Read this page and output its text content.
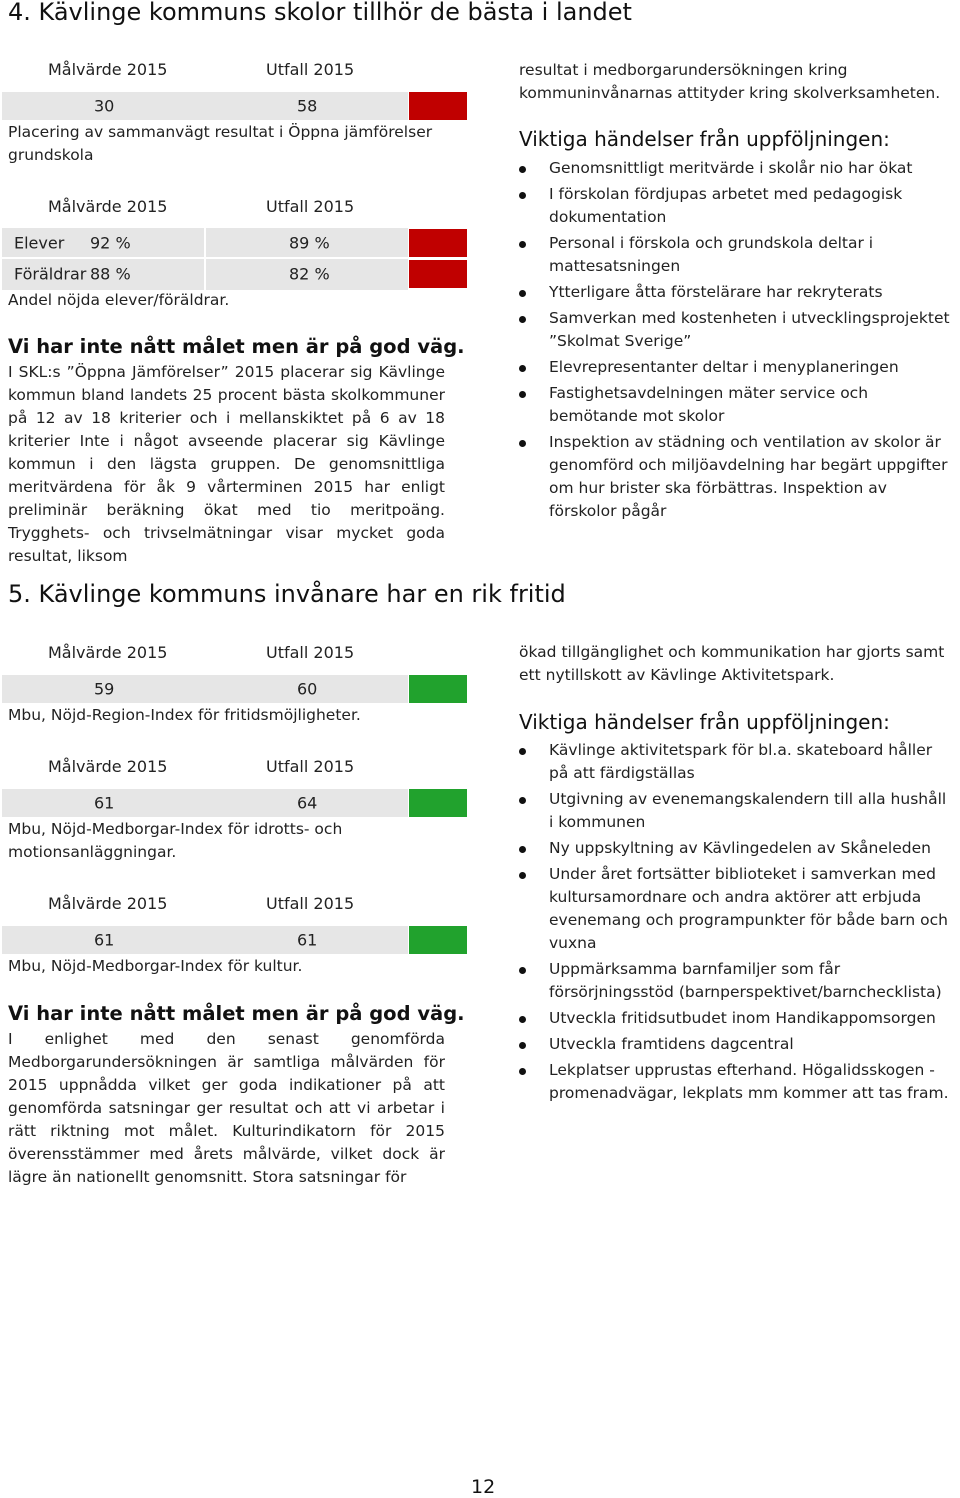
4. Kävlinge kommuns skolor tillhör de bästa i landet
Målvärde 2015	Utfall 2015
30	58
Placering av sammanvägt resultat i Öppna jämförelser grundskola
Målvärde 2015	Utfall 2015
Elever 92 %	89 %
Föräldrar 88 %	82 %
Andel nöjda elever/föräldrar.
Vi har inte nått målet men är på god väg.
I SKL:s ”Öppna Jämförelser” 2015 placerar sig Kävlinge kommun bland landets 25 procent bästa skolkommuner på 12 av 18 kriterier och i mellanskiktet på 6 av 18 kriterier Inte i något avseende placerar sig Kävlinge kommun i den lägsta gruppen. De genomsnittliga meritvärdena för åk 9 vårterminen 2015 har enligt preliminär beräkning ökat med tio meritpoäng. Trygghets- och trivselmätningar visar mycket goda resultat, liksom
resultat i medborgarundersökningen kring kommuninvånarnas attityder kring skolverksamheten.
Viktiga händelser från uppföljningen:
Genomsnittligt meritvärde i skolår nio har ökat
I förskolan fördjupas arbetet med pedagogisk dokumentation
Personal i förskola och grundskola deltar i mattesatsningen
Ytterligare åtta förstelärare har rekryterats
Samverkan med kostenheten i utvecklingsprojektet ”Skolmat Sverige”
Elevrepresentanter deltar i menyplaneringen
Fastighetsavdelningen mäter service och bemötande mot skolor
Inspektion av städning och ventilation av skolor är genomförd och miljöavdelning har begärt uppgifter om hur brister ska förbättras. Inspektion av förskolor pågår
5. Kävlinge kommuns invånare har en rik fritid
Målvärde 2015	Utfall 2015
59	60
Mbu, Nöjd-Region-Index för fritidsmöjligheter.
Målvärde 2015	Utfall 2015
61	64
Mbu, Nöjd-Medborgar-Index för idrotts- och motionsanläggningar.
Målvärde 2015	Utfall 2015
61	61
Mbu, Nöjd-Medborgar-Index för kultur.
Vi har inte nått målet men är på god väg.
I enlighet med den senast genomförda Medborgarundersökningen är samtliga målvärden för 2015 uppnådda vilket ger goda indikationer på att genomförda satsningar ger resultat och att vi arbetar i rätt riktning mot målet. Kulturindikatorn för 2015 överensstämmer med årets målvärde, vilket dock är lägre än nationellt genomsnitt. Stora satsningar för
ökad tillgänglighet och kommunikation har gjorts samt ett nytillskott av Kävlinge Aktivitetspark.
Viktiga händelser från uppföljningen:
Kävlinge aktivitetspark för bl.a. skateboard håller på att färdigställas
Utgivning av evenemangskalendern till alla hushåll i kommunen
Ny uppskyltning av Kävlingedelen av Skåneleden
Under året fortsätter biblioteket i samverkan med kultursamordnare och andra aktörer att erbjuda evenemang och programpunkter för både barn och vuxna
Uppmärksamma barnfamiljer som får försörjningsstöd (barnperspektivet/barnchecklista)
Utveckla fritidsutbudet inom Handikappomsorgen
Utveckla framtidens dagcentral
Lekplatser upprustas efterhand. Högalidsskogen - promenadvägar, lekplats mm kommer att tas fram.
12
